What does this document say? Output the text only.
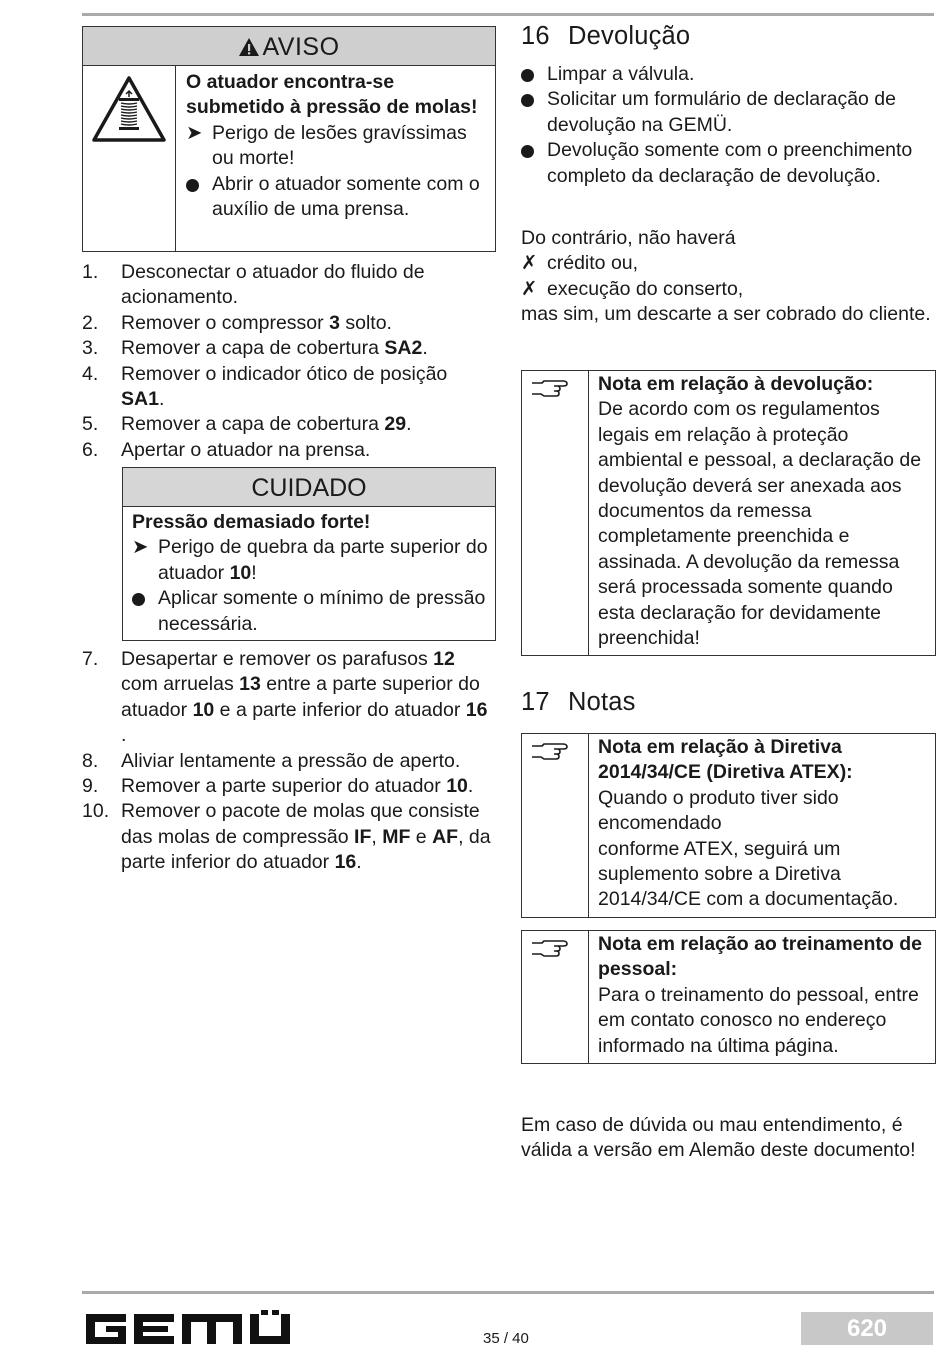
AVISO

O atuador encontra-se submetido à pressão de molas!

➤ Perigo de lesões gravíssimas ou morte!
Abrir o atuador somente com o auxílio de uma prensa.
1. Desconectar o atuador do fluido de acionamento.
2. Remover o compressor 3 solto.
3. Remover a capa de cobertura SA2.
4. Remover o indicador ótico de posição SA1.
5. Remover a capa de cobertura 29.
6. Apertar o atuador na prensa.
CUIDADO

Pressão demasiado forte!

➤ Perigo de quebra da parte superior do atuador 10!
Aplicar somente o mínimo de pressão necessária.
7. Desapertar e remover os parafusos 12 com arruelas 13 entre a parte superior do atuador 10 e a parte inferior do atuador 16 .
8. Aliviar lentamente a pressão de aperto.
9. Remover a parte superior do atuador 10.
10. Remover o pacote de molas que consiste das molas de compressão IF, MF e AF, da parte inferior do atuador 16.
16 Devolução
Limpar a válvula.
Solicitar um formulário de declaração de devolução na GEMÜ.
Devolução somente com o preenchimento completo da declaração de devolução.

Do contrário, não haverá

✗ crédito ou,
✗ execução do conserto,

mas sim, um descarte a ser cobrado do cliente.

Nota em relação à devolução:

De acordo com os regulamentos legais em relação à proteção ambiental e pessoal, a declaração de devolução deverá ser anexada aos documentos da remessa completamente preenchida e assinada. A devolução da remessa será processada somente quando esta declaração for devidamente preenchida!

17 Notas

Nota em relação à Diretiva 2014/34/CE (Diretiva ATEX):

Quando o produto tiver sido encomendado

conforme ATEX, seguirá um suplemento sobre a Diretiva 2014/34/CE com a documentação.

Nota em relação ao treinamento de pessoal:

Para o treinamento do pessoal, entre em contato conosco no endereço informado na última página.

Em caso de dúvida ou mau entendimento, é válida a versão em Alemão deste documento!

35 / 40	620
